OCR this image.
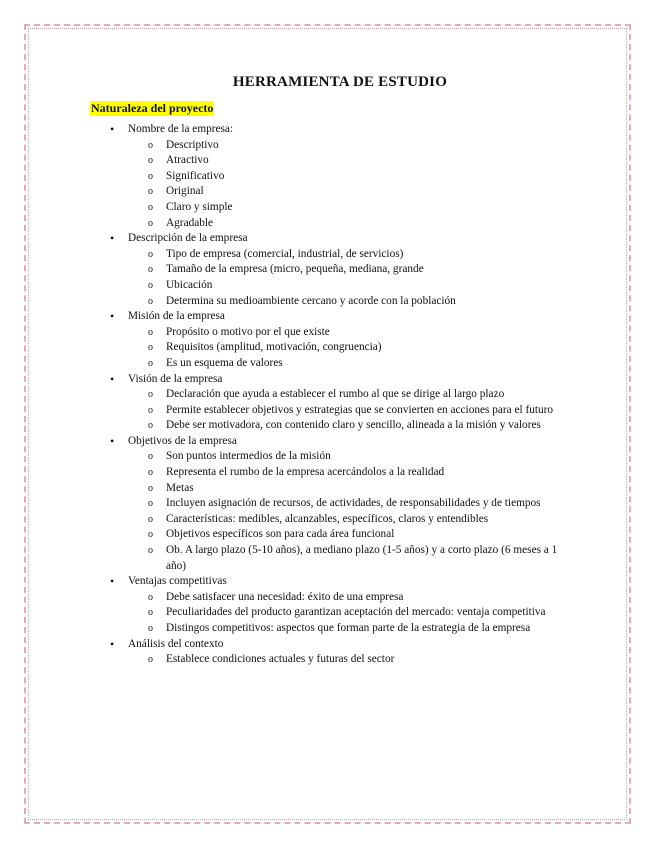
HERRAMIENTA DE ESTUDIO
Naturaleza del proyecto
• Nombre de la empresa:
o Descriptivo
o Atractivo
o Significativo
o Original
o Claro y simple
o Agradable
• Descripción de la empresa
o Tipo de empresa (comercial, industrial, de servicios)
o Tamaño de la empresa (micro, pequeña, mediana, grande
o Ubicación
o Determina su medioambiente cercano y acorde con la población
• Misión de la empresa
o Propósito o motivo por el que existe
o Requisitos (amplitud, motivación, congruencia)
o Es un esquema de valores
• Visión de la empresa
o Declaración que ayuda a establecer el rumbo al que se dirige al largo plazo
o Permite establecer objetivos y estrategias que se convierten en acciones para el futuro
o Debe ser motivadora, con contenido claro y sencillo, alineada a la misión y valores
• Objetivos de la empresa
o Son puntos intermedios de la misión
o Representa el rumbo de la empresa acercándolos a la realidad
o Metas
o Incluyen asignación de recursos, de actividades, de responsabilidades y de tiempos
o Características: medibles, alcanzables, específicos, claros y entendibles
o Objetivos específicos son para cada área funcional
o Ob. A largo plazo (5-10 años), a mediano plazo (1-5 años) y a corto plazo (6 meses a 1 año)
• Ventajas competitivas
o Debe satisfacer una necesidad: éxito de una empresa
o Peculiaridades del producto garantizan aceptación del mercado: ventaja competitiva
o Distingos competitivos: aspectos que forman parte de la estrategia de la empresa
• Análisis del contexto
o Establece condiciones actuales y futuras del sector
